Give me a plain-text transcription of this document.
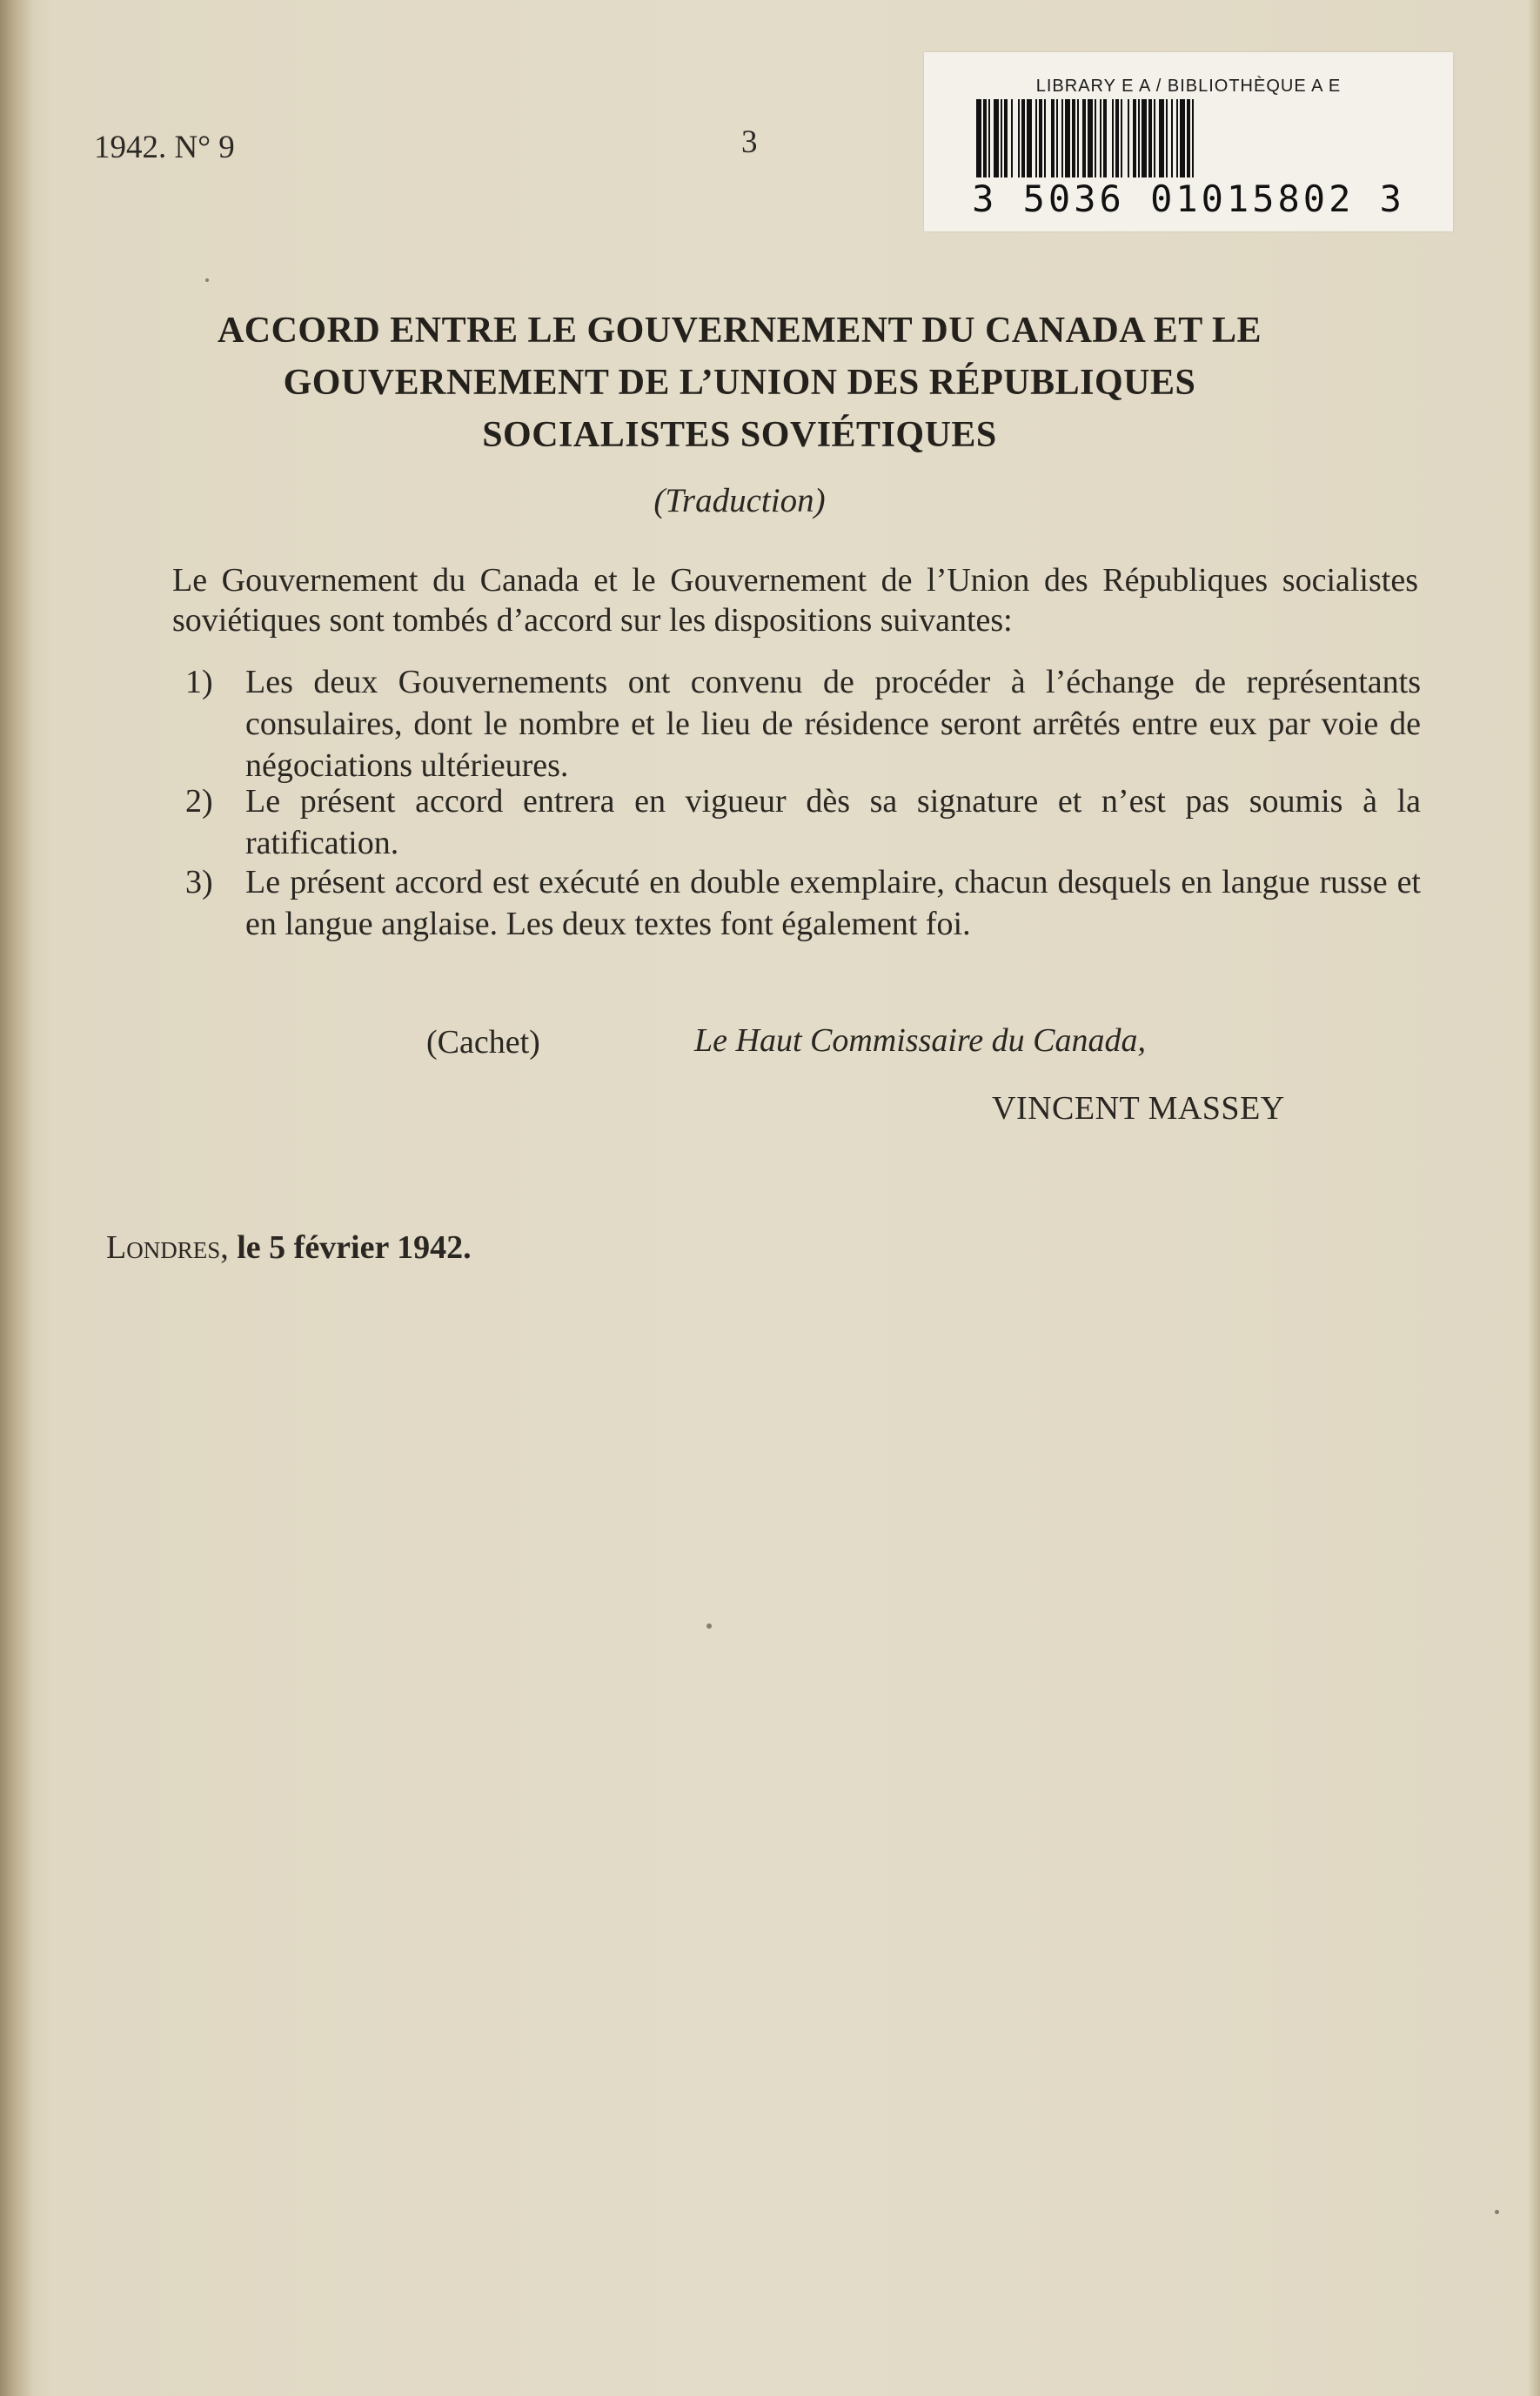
1942. N° 9	3
LIBRARY E A / BIBLIOTHÈQUE A E
3 5036 01015802 3
ACCORD ENTRE LE GOUVERNEMENT DU CANADA ET LE
GOUVERNEMENT DE L’UNION DES RÉPUBLIQUES
SOCIALISTES SOVIÉTIQUES
(Traduction)
Le Gouvernement du Canada et le Gouvernement de l’Union des Républiques socialistes soviétiques sont tombés d’accord sur les dispositions suivantes:
1) Les deux Gouvernements ont convenu de procéder à l’échange de représentants consulaires, dont le nombre et le lieu de résidence seront arrêtés entre eux par voie de négociations ultérieures.
2) Le présent accord entrera en vigueur dès sa signature et n’est pas soumis à la ratification.
3) Le présent accord est exécuté en double exemplaire, chacun desquels en langue russe et en langue anglaise. Les deux textes font également foi.
(Cachet)	Le Haut Commissaire du Canada,
VINCENT MASSEY
Londres, le 5 février 1942.
